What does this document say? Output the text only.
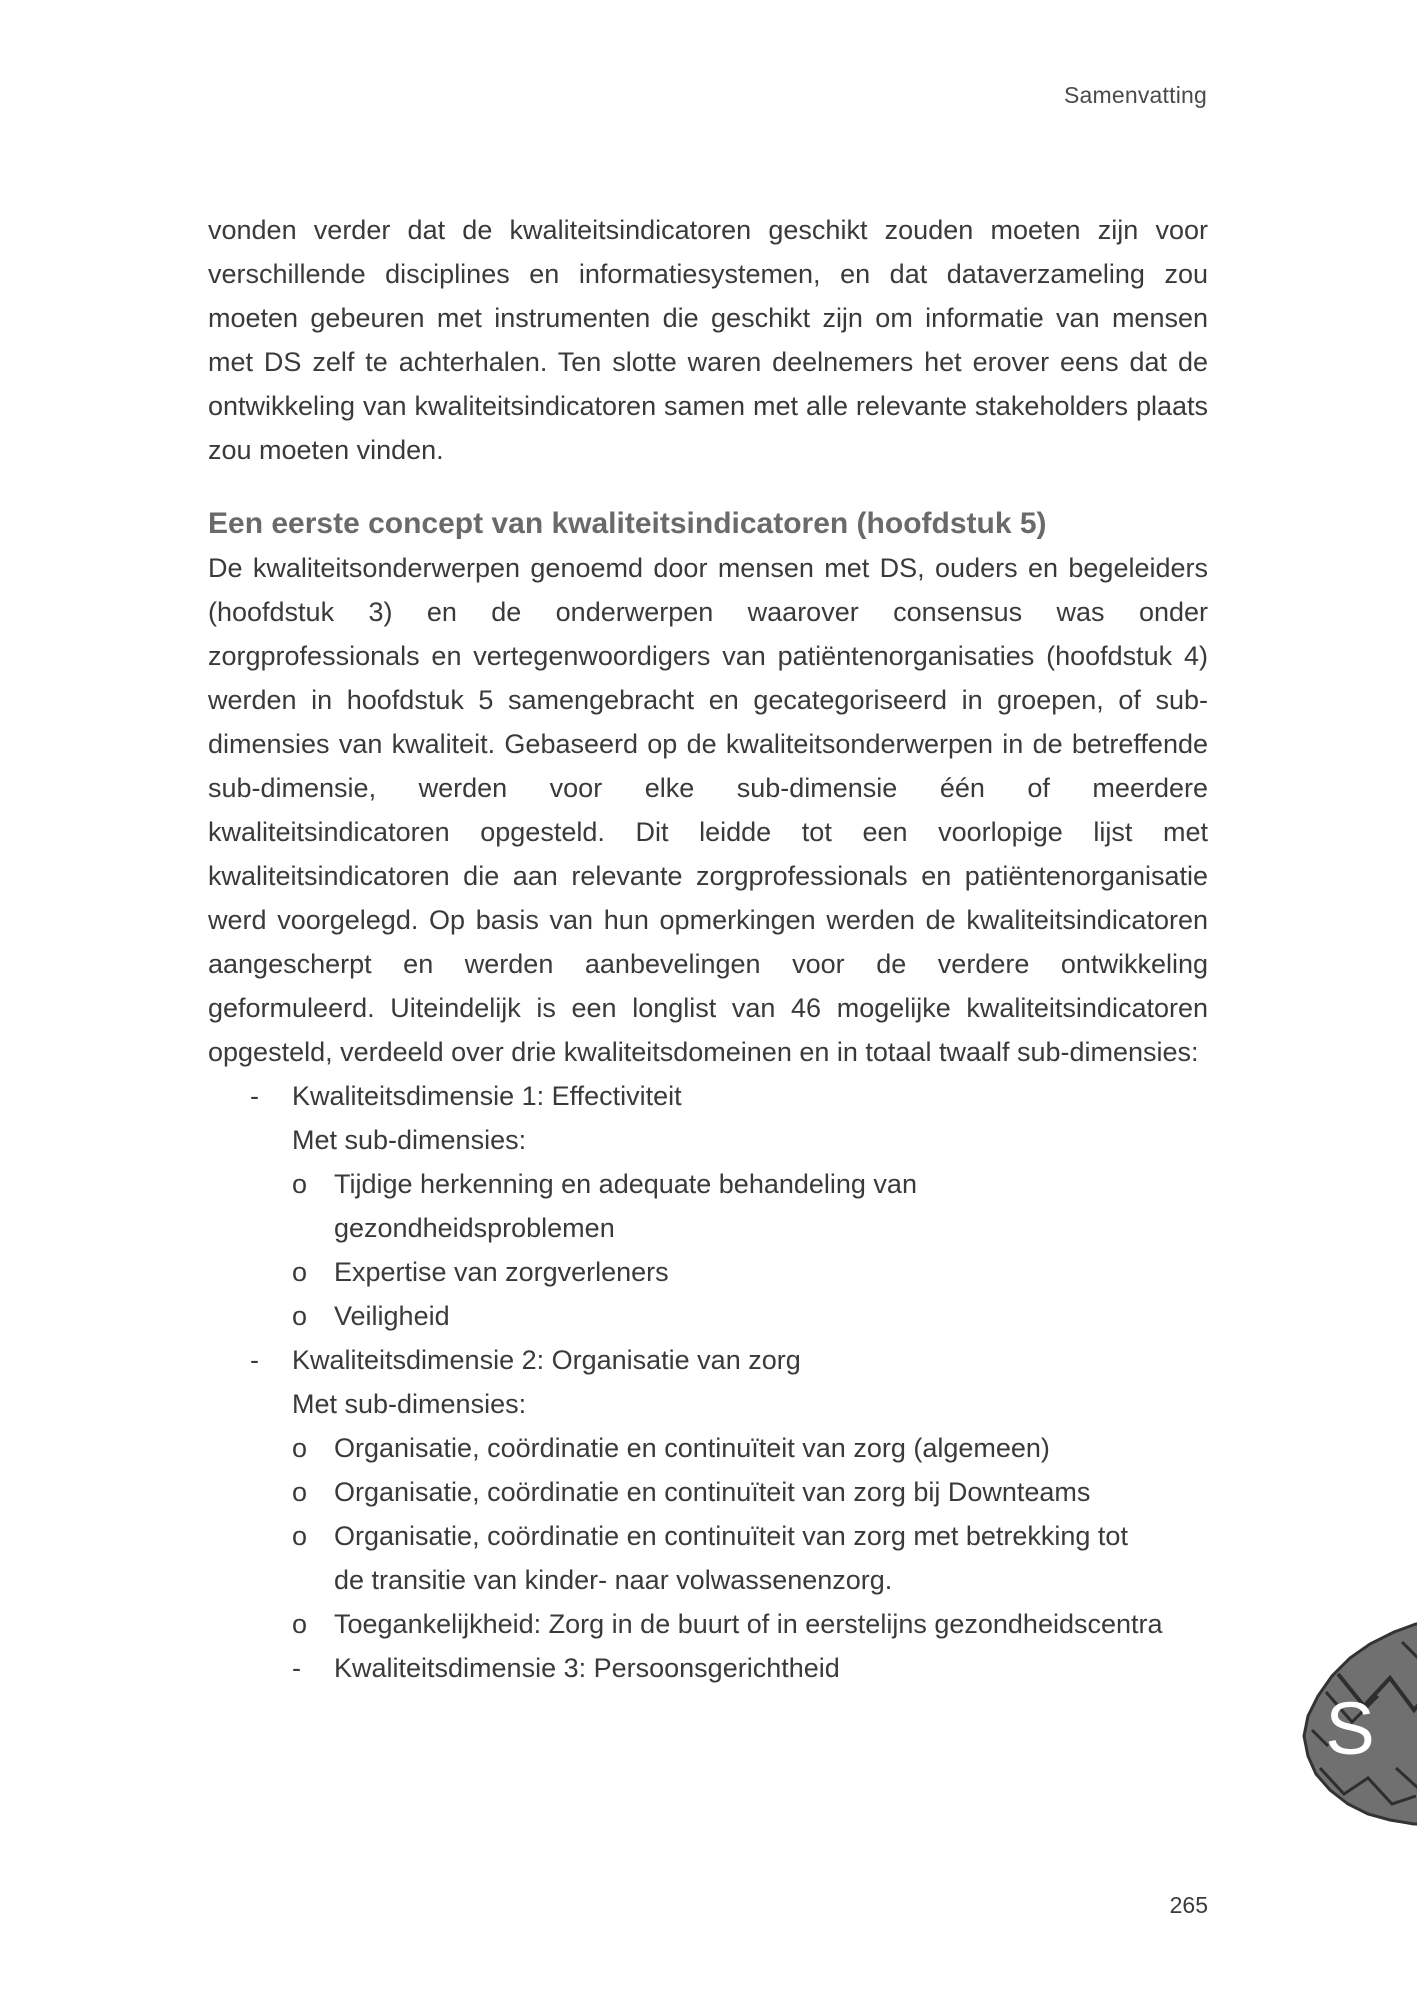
Samenvatting

vonden verder dat de kwaliteitsindicatoren geschikt zouden moeten zijn voor verschillende disciplines en informatiesystemen, en dat dataverzameling zou moeten gebeuren met instrumenten die geschikt zijn om informatie van mensen met DS zelf te achterhalen. Ten slotte waren deelnemers het erover eens dat de ontwikkeling van kwaliteitsindicatoren samen met alle relevante stakeholders plaats zou moeten vinden.

Een eerste concept van kwaliteitsindicatoren (hoofdstuk 5)

De kwaliteitsonderwerpen genoemd door mensen met DS, ouders en begeleiders (hoofdstuk 3) en de onderwerpen waarover consensus was onder zorgprofessionals en vertegenwoordigers van patiëntenorganisaties (hoofdstuk 4) werden in hoofdstuk 5 samengebracht en gecategoriseerd in groepen, of sub-dimensies van kwaliteit. Gebaseerd op de kwaliteitsonderwerpen in de betreffende sub-dimensie, werden voor elke sub-dimensie één of meerdere kwaliteitsindicatoren opgesteld. Dit leidde tot een voorlopige lijst met kwaliteitsindicatoren die aan relevante zorgprofessionals en patiëntenorganisatie werd voorgelegd. Op basis van hun opmerkingen werden de kwaliteitsindicatoren aangescherpt en werden aanbevelingen voor de verdere ontwikkeling geformuleerd. Uiteindelijk is een longlist van 46 mogelijke kwaliteitsindicatoren opgesteld, verdeeld over drie kwaliteitsdomeinen en in totaal twaalf sub-dimensies:

- Kwaliteitsdimensie 1: Effectiviteit
Met sub-dimensies:
o Tijdige herkenning en adequate behandeling van gezondheidsproblemen
o Expertise van zorgverleners
o Veiligheid
- Kwaliteitsdimensie 2: Organisatie van zorg
Met sub-dimensies:
o Organisatie, coördinatie en continuïteit van zorg (algemeen)
o Organisatie, coördinatie en continuïteit van zorg bij Downteams
o Organisatie, coördinatie en continuïteit van zorg met betrekking tot de transitie van kinder- naar volwassenenzorg.
o Toegankelijkheid: Zorg in de buurt of in eerstelijns gezondheidscentra
- Kwaliteitsdimensie 3: Persoonsgerichtheid
S
265
